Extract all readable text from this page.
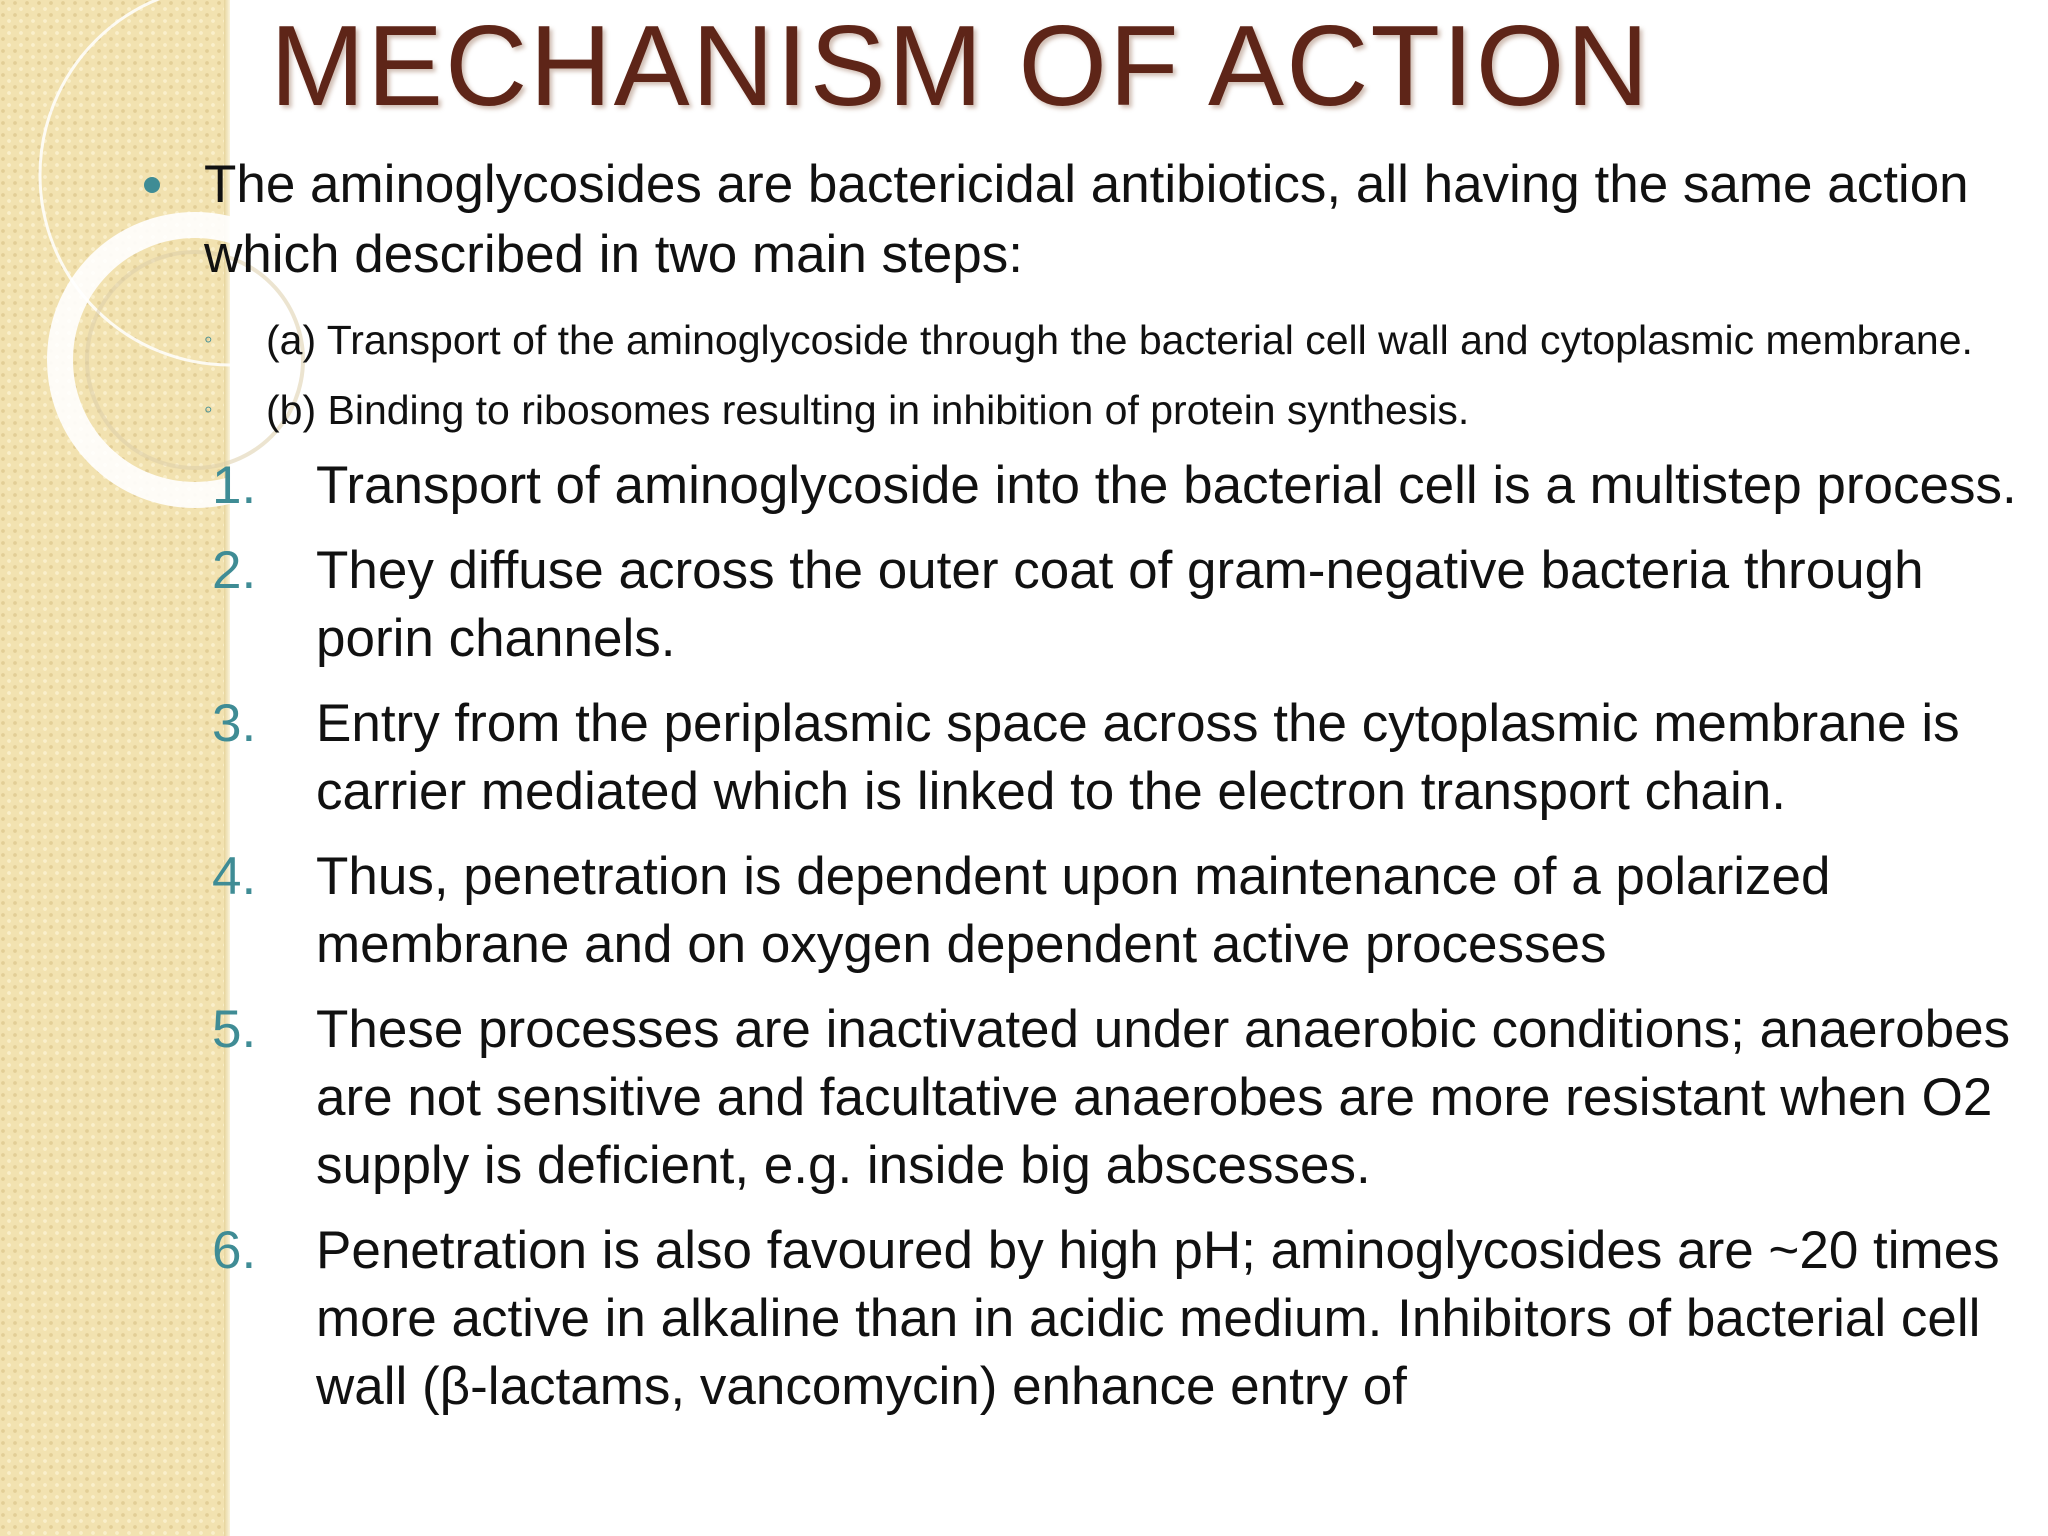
MECHANISM OF ACTION
The aminoglycosides are bactericidal antibiotics, all having the same action which described in two main steps:
◦ (a) Transport of the aminoglycoside through the bacterial cell wall and cytoplasmic membrane.
◦ (b) Binding to ribosomes resulting in inhibition of protein synthesis.
1. Transport of aminoglycoside into the bacterial cell is a multistep process.
2. They diffuse across the outer coat of gram-negative bacteria through porin channels.
3. Entry from the periplasmic space across the cytoplasmic membrane is carrier mediated which is linked to the electron transport chain.
4. Thus, penetration is dependent upon maintenance of a polarized membrane and on oxygen dependent active processes
5. These processes are inactivated under anaerobic conditions; anaerobes are not sensitive and facultative anaerobes are more resistant when O2 supply is deficient, e.g. inside big abscesses.
6. Penetration is also favoured by high pH; aminoglycosides are ~20 times more active in alkaline than in acidic medium. Inhibitors of bacterial cell wall (β-lactams, vancomycin) enhance entry of
